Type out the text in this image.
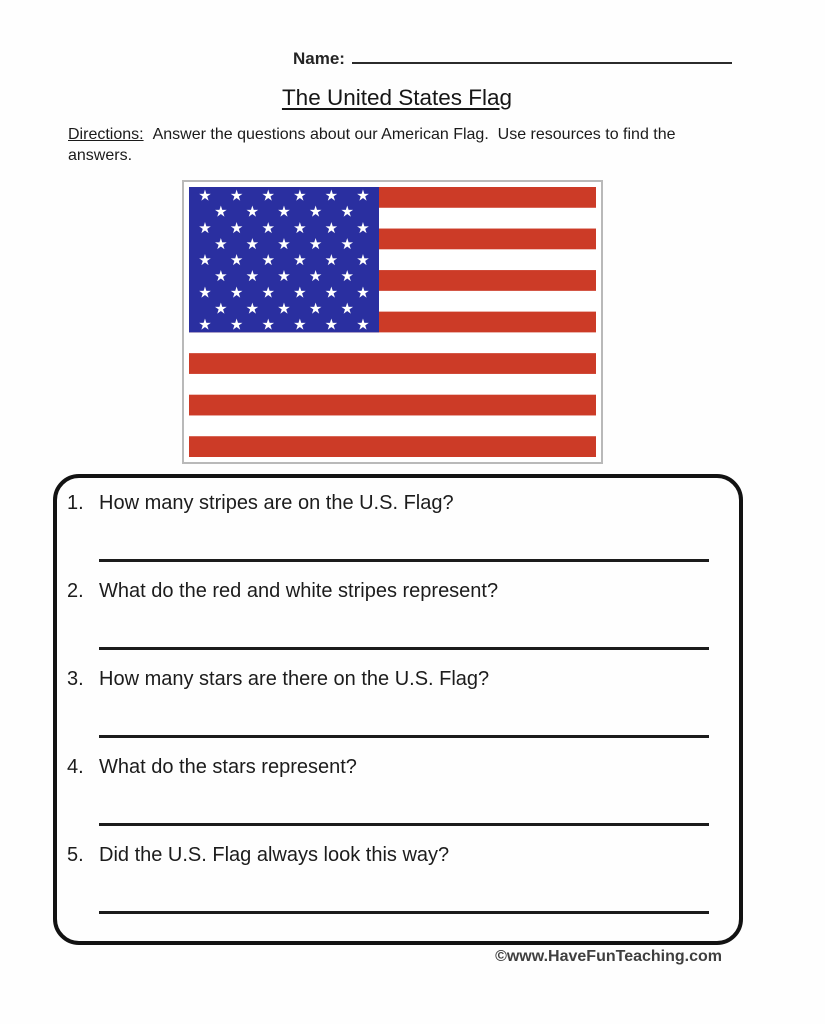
Name:
The United States Flag
Directions: Answer the questions about our American Flag.  Use resources to find the answers.
★ ★ ★ ★ ★ ★
★ ★ ★ ★ ★
★ ★ ★ ★ ★ ★
★ ★ ★ ★ ★
★ ★ ★ ★ ★ ★
★ ★ ★ ★ ★
★ ★ ★ ★ ★ ★
★ ★ ★ ★ ★
★ ★ ★ ★ ★ ★
1. How many stripes are on the U.S. Flag?
2. What do the red and white stripes represent?
3. How many stars are there on the U.S. Flag?
4. What do the stars represent?
5. Did the U.S. Flag always look this way?
©www.HaveFunTeaching.com
